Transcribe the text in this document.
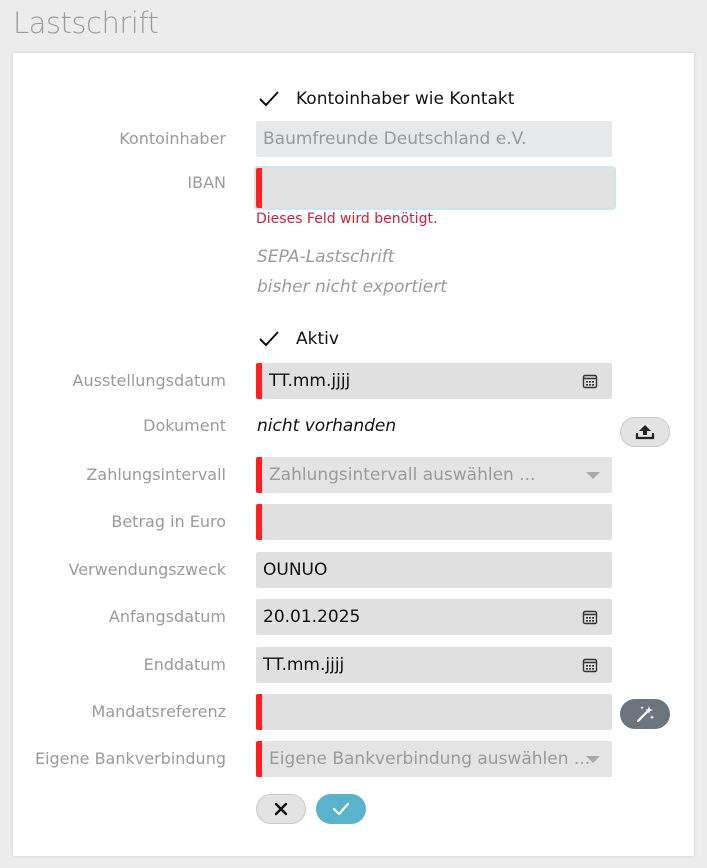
Lastschrift
Kontoinhaber wie Kontakt
Kontoinhaber	Baumfreunde Deutschland e.V.
IBAN
Dieses Feld wird benötigt.
SEPA-Lastschrift
bisher nicht exportiert
Aktiv
Ausstellungsdatum	TT.mm.jjjj
Dokument nicht vorhanden
Zahlungsintervall	Zahlungsintervall auswählen ...
Betrag in Euro
Verwendungszweck	OUNUO
Anfangsdatum	20.01.2025
Enddatum	TT.mm.jjjj
Mandatsreferenz
Eigene Bankverbindung	Eigene Bankverbindung auswählen ...
